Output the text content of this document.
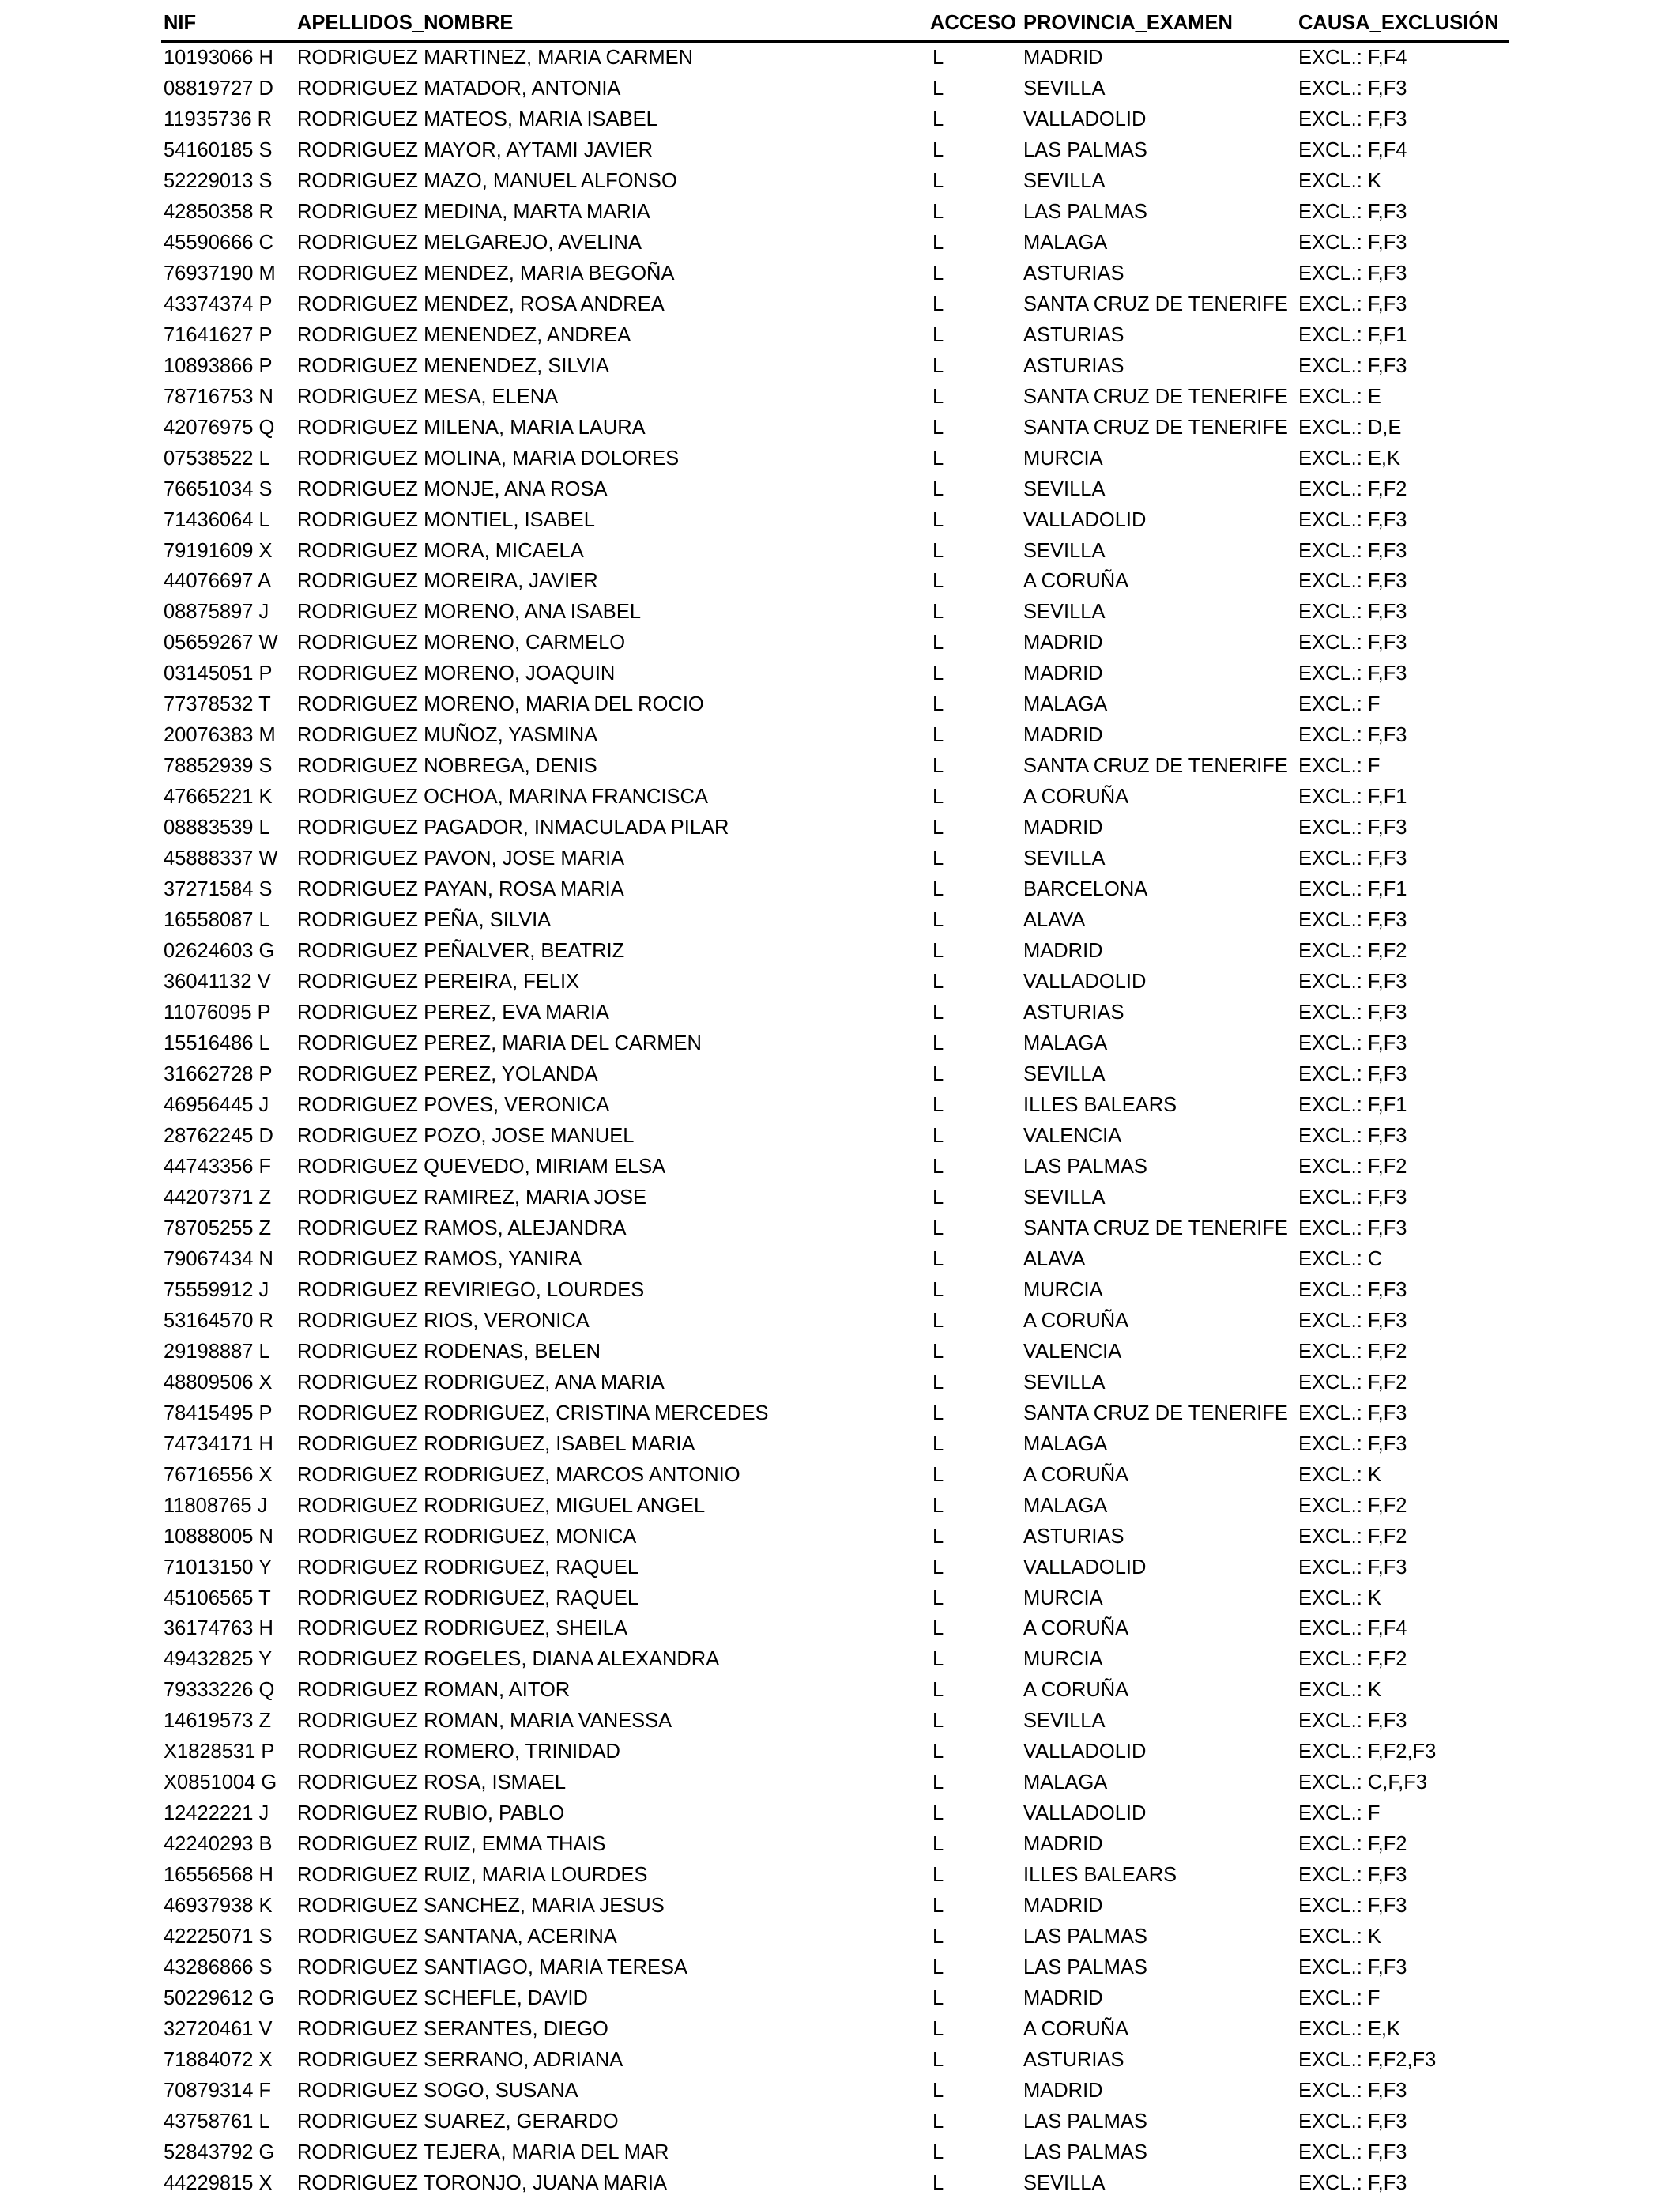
NIF	APELLIDOS_NOMBRE	ACCESO PROVINCIA_EXAMEN	CAUSA_EXCLUSIÓN
10193066 H RODRIGUEZ MARTINEZ, MARIA CARMEN	L	MADRID	EXCL.: F,F4
08819727 D RODRIGUEZ MATADOR, ANTONIA	L	SEVILLA	EXCL.: F,F3
11935736 R RODRIGUEZ MATEOS, MARIA ISABEL	L	VALLADOLID	EXCL.: F,F3
54160185 S RODRIGUEZ MAYOR, AYTAMI JAVIER	L	LAS PALMAS	EXCL.: F,F4
52229013 S RODRIGUEZ MAZO, MANUEL ALFONSO	L	SEVILLA	EXCL.: K
42850358 R RODRIGUEZ MEDINA, MARTA MARIA	L	LAS PALMAS	EXCL.: F,F3
45590666 C RODRIGUEZ MELGAREJO, AVELINA	L	MALAGA	EXCL.: F,F3
76937190 M RODRIGUEZ MENDEZ, MARIA BEGOÑA	L	ASTURIAS	EXCL.: F,F3
43374374 P RODRIGUEZ MENDEZ, ROSA ANDREA	L	SANTA CRUZ DE TENERIFE EXCL.: F,F3
71641627 P RODRIGUEZ MENENDEZ, ANDREA	L	ASTURIAS	EXCL.: F,F1
10893866 P RODRIGUEZ MENENDEZ, SILVIA	L	ASTURIAS	EXCL.: F,F3
78716753 N RODRIGUEZ MESA, ELENA	L	SANTA CRUZ DE TENERIFE EXCL.: E
42076975 Q RODRIGUEZ MILENA, MARIA LAURA	L	SANTA CRUZ DE TENERIFE EXCL.: D,E
07538522 L RODRIGUEZ MOLINA, MARIA DOLORES	L	MURCIA	EXCL.: E,K
76651034 S RODRIGUEZ MONJE, ANA ROSA	L	SEVILLA	EXCL.: F,F2
71436064 L RODRIGUEZ MONTIEL, ISABEL	L	VALLADOLID	EXCL.: F,F3
79191609 X RODRIGUEZ MORA, MICAELA	L	SEVILLA	EXCL.: F,F3
44076697 A RODRIGUEZ MOREIRA, JAVIER	L	A CORUÑA	EXCL.: F,F3
08875897 J RODRIGUEZ MORENO, ANA ISABEL	L	SEVILLA	EXCL.: F,F3
05659267 W RODRIGUEZ MORENO, CARMELO	L	MADRID	EXCL.: F,F3
03145051 P RODRIGUEZ MORENO, JOAQUIN	L	MADRID	EXCL.: F,F3
77378532 T RODRIGUEZ MORENO, MARIA DEL ROCIO	L	MALAGA	EXCL.: F
20076383 M RODRIGUEZ MUÑOZ, YASMINA	L	MADRID	EXCL.: F,F3
78852939 S RODRIGUEZ NOBREGA, DENIS	L	SANTA CRUZ DE TENERIFE EXCL.: F
47665221 K RODRIGUEZ OCHOA, MARINA FRANCISCA	L	A CORUÑA	EXCL.: F,F1
08883539 L RODRIGUEZ PAGADOR, INMACULADA PILAR	L	MADRID	EXCL.: F,F3
45888337 W RODRIGUEZ PAVON, JOSE MARIA	L	SEVILLA	EXCL.: F,F3
37271584 S RODRIGUEZ PAYAN, ROSA MARIA	L	BARCELONA	EXCL.: F,F1
16558087 L RODRIGUEZ PEÑA, SILVIA	L	ALAVA	EXCL.: F,F3
02624603 G RODRIGUEZ PEÑALVER, BEATRIZ	L	MADRID	EXCL.: F,F2
36041132 V RODRIGUEZ PEREIRA, FELIX	L	VALLADOLID	EXCL.: F,F3
11076095 P RODRIGUEZ PEREZ, EVA MARIA	L	ASTURIAS	EXCL.: F,F3
15516486 L RODRIGUEZ PEREZ, MARIA DEL CARMEN	L	MALAGA	EXCL.: F,F3
31662728 P RODRIGUEZ PEREZ, YOLANDA	L	SEVILLA	EXCL.: F,F3
46956445 J RODRIGUEZ POVES, VERONICA	L	ILLES BALEARS	EXCL.: F,F1
28762245 D RODRIGUEZ POZO, JOSE MANUEL	L	VALENCIA	EXCL.: F,F3
44743356 F RODRIGUEZ QUEVEDO, MIRIAM ELSA	L	LAS PALMAS	EXCL.: F,F2
44207371 Z RODRIGUEZ RAMIREZ, MARIA JOSE	L	SEVILLA	EXCL.: F,F3
78705255 Z RODRIGUEZ RAMOS, ALEJANDRA	L	SANTA CRUZ DE TENERIFE EXCL.: F,F3
79067434 N RODRIGUEZ RAMOS, YANIRA	L	ALAVA	EXCL.: C
75559912 J RODRIGUEZ REVIRIEGO, LOURDES	L	MURCIA	EXCL.: F,F3
53164570 R RODRIGUEZ RIOS, VERONICA	L	A CORUÑA	EXCL.: F,F3
29198887 L RODRIGUEZ RODENAS, BELEN	L	VALENCIA	EXCL.: F,F2
48809506 X RODRIGUEZ RODRIGUEZ, ANA MARIA	L	SEVILLA	EXCL.: F,F2
78415495 P RODRIGUEZ RODRIGUEZ, CRISTINA MERCEDES	L	SANTA CRUZ DE TENERIFE EXCL.: F,F3
74734171 H RODRIGUEZ RODRIGUEZ, ISABEL MARIA	L	MALAGA	EXCL.: F,F3
76716556 X RODRIGUEZ RODRIGUEZ, MARCOS ANTONIO	L	A CORUÑA	EXCL.: K
11808765 J RODRIGUEZ RODRIGUEZ, MIGUEL ANGEL	L	MALAGA	EXCL.: F,F2
10888005 N RODRIGUEZ RODRIGUEZ, MONICA	L	ASTURIAS	EXCL.: F,F2
71013150 Y RODRIGUEZ RODRIGUEZ, RAQUEL	L	VALLADOLID	EXCL.: F,F3
45106565 T RODRIGUEZ RODRIGUEZ, RAQUEL	L	MURCIA	EXCL.: K
36174763 H RODRIGUEZ RODRIGUEZ, SHEILA	L	A CORUÑA	EXCL.: F,F4
49432825 Y RODRIGUEZ ROGELES, DIANA ALEXANDRA	L	MURCIA	EXCL.: F,F2
79333226 Q RODRIGUEZ ROMAN, AITOR	L	A CORUÑA	EXCL.: K
14619573 Z RODRIGUEZ ROMAN, MARIA VANESSA	L	SEVILLA	EXCL.: F,F3
X1828531 P RODRIGUEZ ROMERO, TRINIDAD	L	VALLADOLID	EXCL.: F,F2,F3
X0851004 G RODRIGUEZ ROSA, ISMAEL	L	MALAGA	EXCL.: C,F,F3
12422221 J RODRIGUEZ RUBIO, PABLO	L	VALLADOLID	EXCL.: F
42240293 B RODRIGUEZ RUIZ, EMMA THAIS	L	MADRID	EXCL.: F,F2
16556568 H RODRIGUEZ RUIZ, MARIA LOURDES	L	ILLES BALEARS	EXCL.: F,F3
46937938 K RODRIGUEZ SANCHEZ, MARIA JESUS	L	MADRID	EXCL.: F,F3
42225071 S RODRIGUEZ SANTANA, ACERINA	L	LAS PALMAS	EXCL.: K
43286866 S RODRIGUEZ SANTIAGO, MARIA TERESA	L	LAS PALMAS	EXCL.: F,F3
50229612 G RODRIGUEZ SCHEFLE, DAVID	L	MADRID	EXCL.: F
32720461 V RODRIGUEZ SERANTES, DIEGO	L	A CORUÑA	EXCL.: E,K
71884072 X RODRIGUEZ SERRANO, ADRIANA	L	ASTURIAS	EXCL.: F,F2,F3
70879314 F RODRIGUEZ SOGO, SUSANA	L	MADRID	EXCL.: F,F3
43758761 L RODRIGUEZ SUAREZ, GERARDO	L	LAS PALMAS	EXCL.: F,F3
52843792 G RODRIGUEZ TEJERA, MARIA DEL MAR	L	LAS PALMAS	EXCL.: F,F3
44229815 X RODRIGUEZ TORONJO, JUANA MARIA	L	SEVILLA	EXCL.: F,F3
